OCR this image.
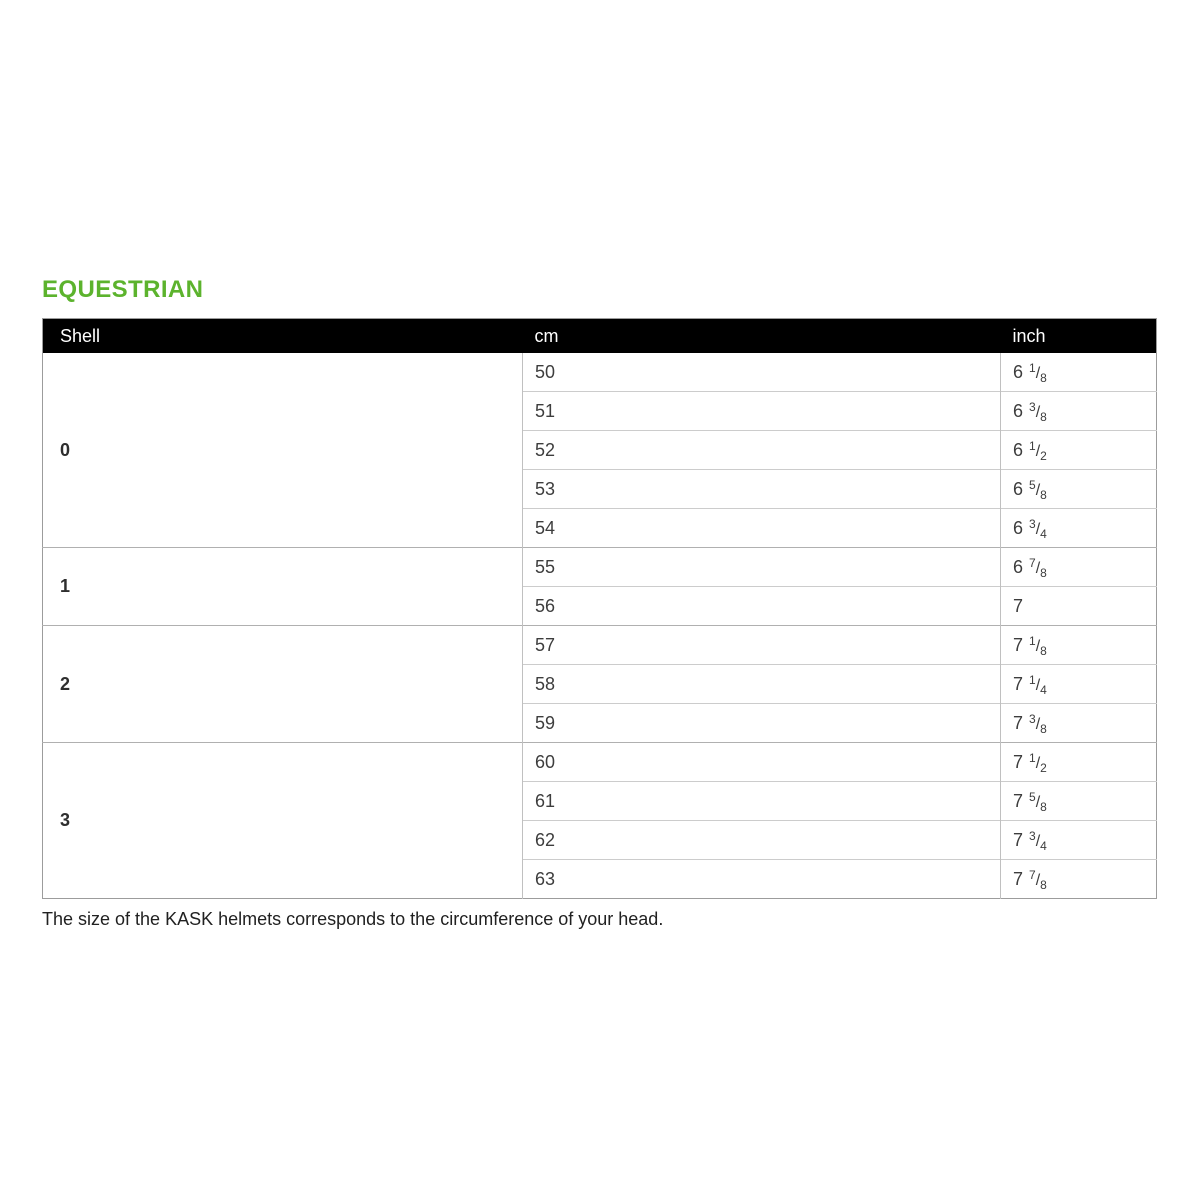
EQUESTRIAN
Shell	cm	inch
0	50	6 $^1/_8$
	51	6 $^3/_8$
	52	6 $^1/_2$
	53	6 $^5/_8$
	54	6 $^3/_4$
1	55	6 $^7/_8$
	56	7
2	57	7 $^1/_8$
	58	7 $^1/_4$
	59	7 $^3/_8$
3	60	7 $^1/_2$
	61	7 $^5/_8$
	62	7 $^3/_4$
	63	7 $^7/_8$

The size of the KASK helmets corresponds to the circumference of your head.
